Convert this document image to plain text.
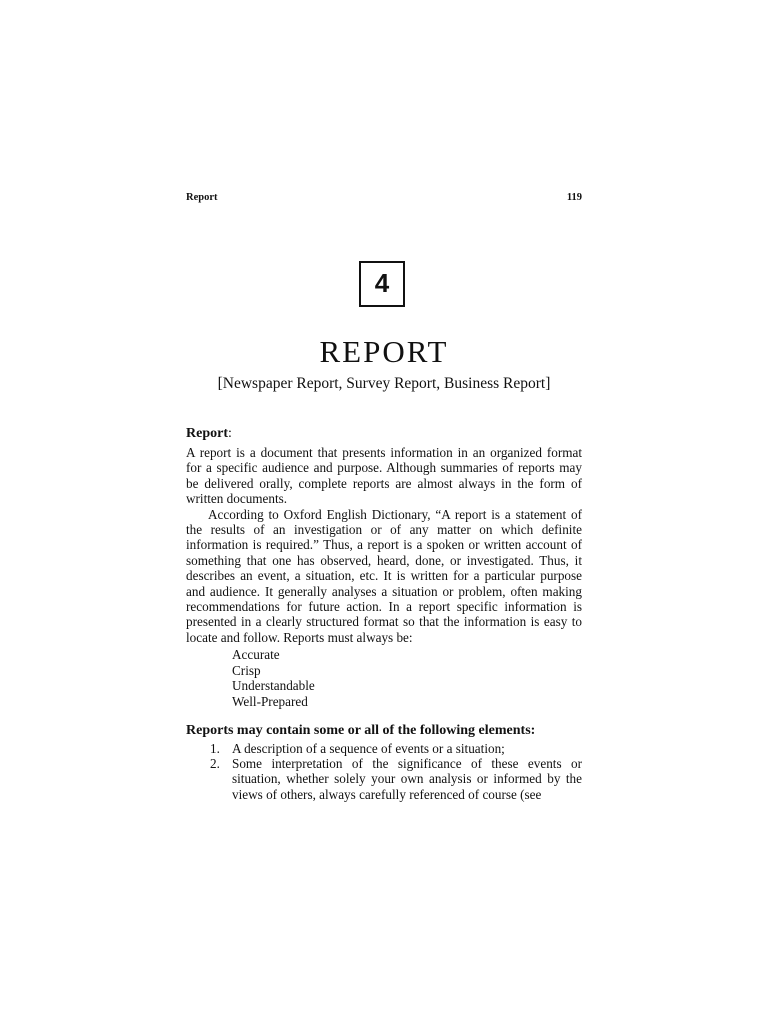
Report	119
4
REPORT
[Newspaper Report, Survey Report, Business Report]
Report:

A report is a document that presents information in an organized format for a specific audience and purpose. Although summaries of reports may be delivered orally, complete reports are almost always in the form of written documents.

According to Oxford English Dictionary, “A report is a statement of the results of an investigation or of any matter on which definite information is required.” Thus, a report is a spoken or written account of something that one has observed, heard, done, or investigated. Thus, it describes an event, a situation, etc. It is written for a particular purpose and audience. It generally analyses a situation or problem, often making recommendations for future action. In a report specific information is presented in a clearly structured format so that the information is easy to locate and follow. Reports must always be:

Accurate
Crisp
Understandable
Well-Prepared
Reports may contain some or all of the following elements:
1. A description of a sequence of events or a situation;
2. Some interpretation of the significance of these events or situation, whether solely your own analysis or informed by the views of others, always carefully referenced of course (see
